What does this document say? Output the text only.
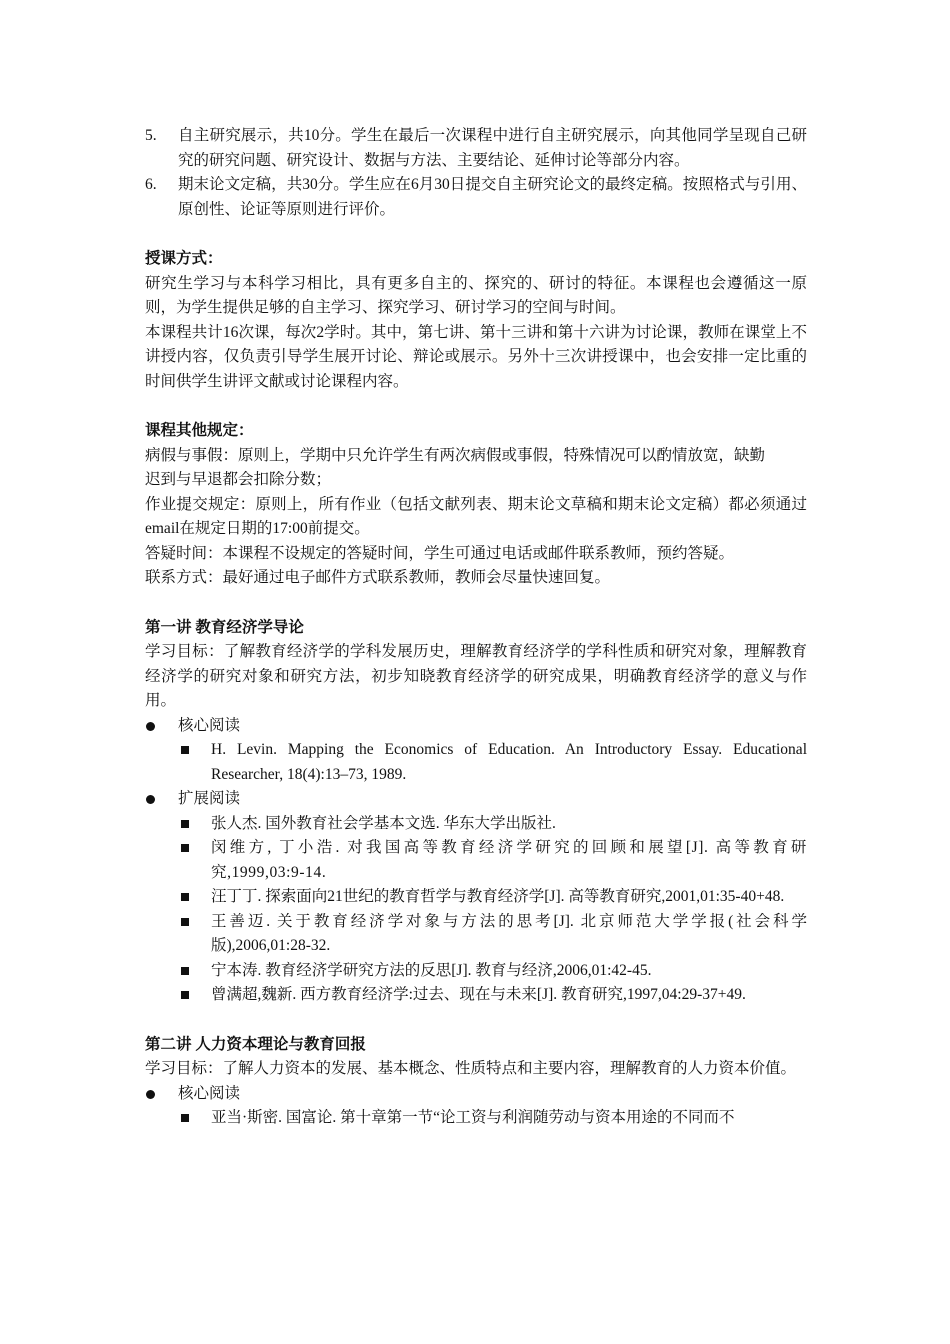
5. 自主研究展示，共10分。学生在最后一次课程中进行自主研究展示，向其他同学呈现自己研究的研究问题、研究设计、数据与方法、主要结论、延伸讨论等部分内容。

6. 期末论文定稿，共30分。学生应在6月30日提交自主研究论文的最终定稿。按照格式与引用、原创性、论证等原则进行评价。

授课方式：

研究生学习与本科学习相比，具有更多自主的、探究的、研讨的特征。本课程也会遵循这一原则，为学生提供足够的自主学习、探究学习、研讨学习的空间与时间。

本课程共计16次课，每次2学时。其中，第七讲、第十三讲和第十六讲为讨论课，教师在课堂上不讲授内容，仅负责引导学生展开讨论、辩论或展示。另外十三次讲授课中，也会安排一定比重的时间供学生讲评文献或讨论课程内容。

课程其他规定：

病假与事假：原则上，学期中只允许学生有两次病假或事假，特殊情况可以酌情放宽，缺勤

迟到与早退都会扣除分数；

作业提交规定：原则上，所有作业（包括文献列表、期末论文草稿和期末论文定稿）都必须通过email在规定日期的17:00前提交。

答疑时间：本课程不设规定的答疑时间，学生可通过电话或邮件联系教师，预约答疑。

联系方式：最好通过电子邮件方式联系教师，教师会尽量快速回复。

第一讲 教育经济学导论

学习目标：了解教育经济学的学科发展历史，理解教育经济学的学科性质和研究对象，理解教育经济学的研究对象和研究方法，初步知晓教育经济学的研究成果，明确教育经济学的意义与作用。

核心阅读

H. Levin. Mapping the Economics of Education. An Introductory Essay. Educational Researcher, 18(4):13–73, 1989.

扩展阅读

张人杰. 国外教育社会学基本文选. 华东大学出版社.

闵维方, 丁小浩. 对我国高等教育经济学研究的回顾和展望[J]. 高等教育研究,1999,03:9-14.

汪丁丁. 探索面向21世纪的教育哲学与教育经济学[J]. 高等教育研究,2001,01:35-40+48.

王善迈. 关于教育经济学对象与方法的思考[J]. 北京师范大学学报(社会科学版),2006,01:28-32.

宁本涛. 教育经济学研究方法的反思[J]. 教育与经济,2006,01:42-45.

曾满超,魏新. 西方教育经济学:过去、现在与未来[J]. 教育研究,1997,04:29-37+49.

第二讲 人力资本理论与教育回报

学习目标：了解人力资本的发展、基本概念、性质特点和主要内容，理解教育的人力资本价值。

核心阅读

亚当·斯密. 国富论. 第十章第一节“论工资与利润随劳动与资本用途的不同而不
